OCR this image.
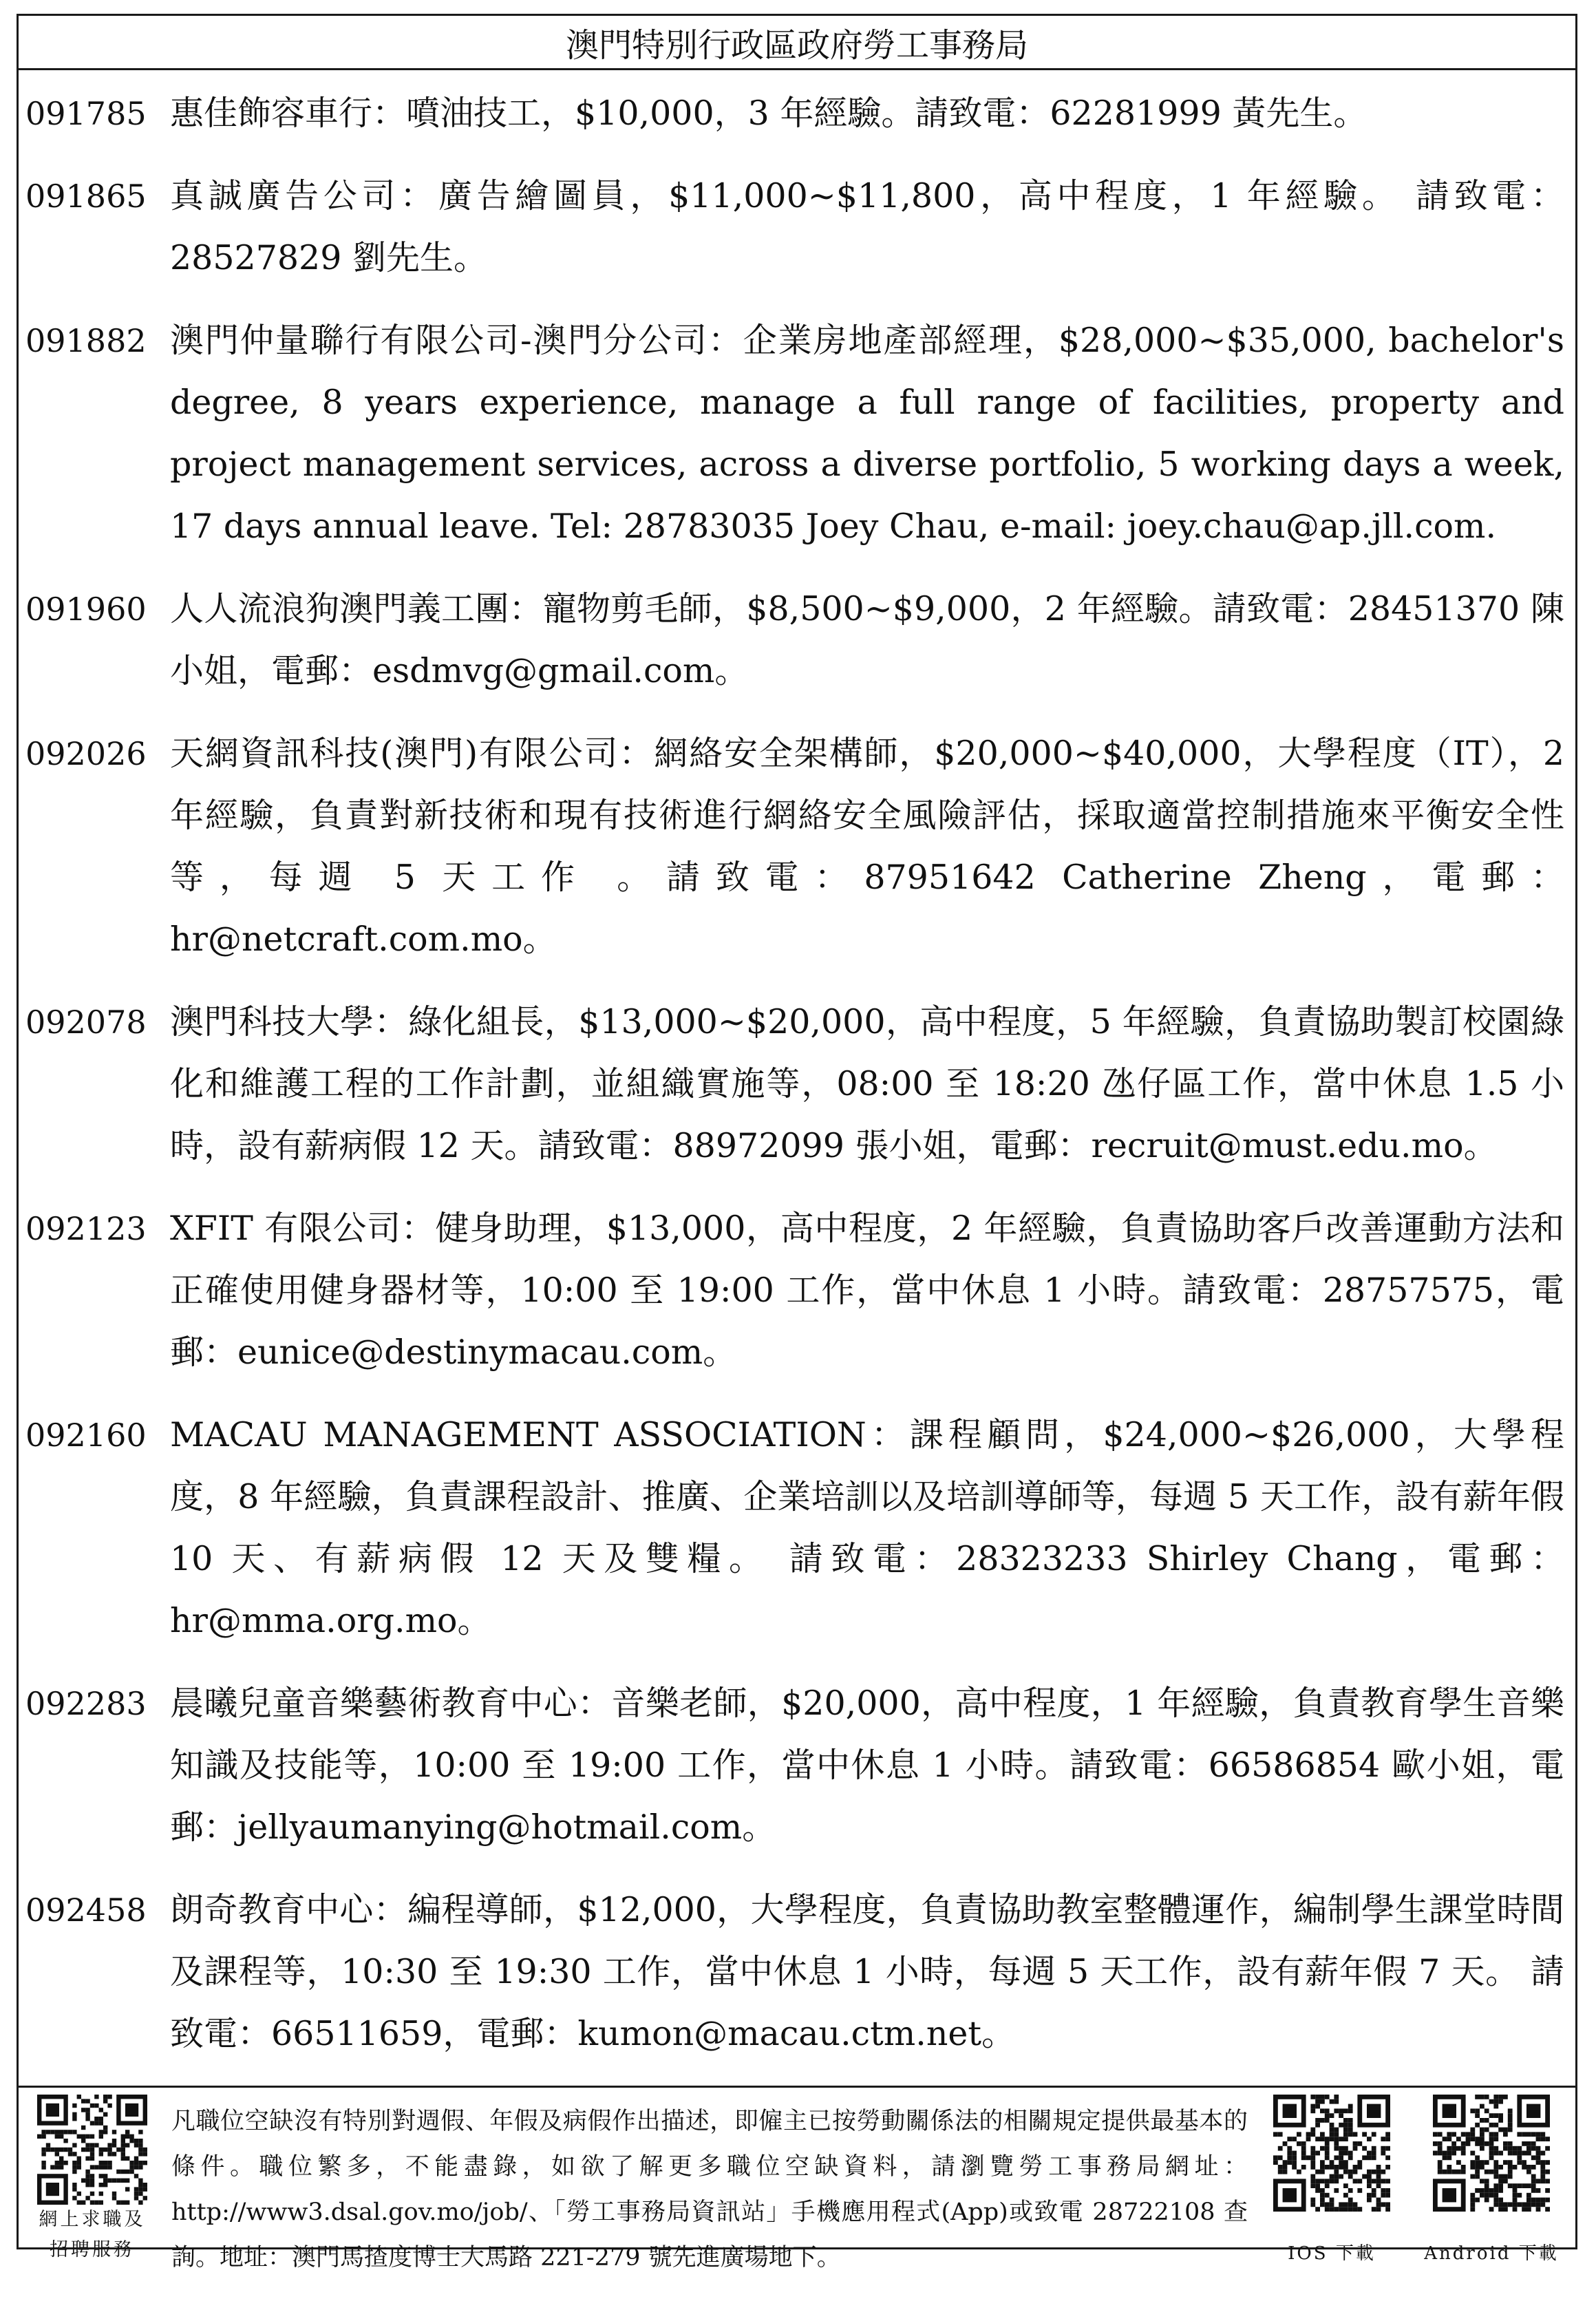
澳門特別行政區政府勞工事務局
091785 惠佳飾容車行：噴油技工，$10,000，3 年經驗。請致電：62281999 黃先生。
091865 真誠廣告公司：廣告繪圖員，$11,000~$11,800，高中程度，1 年經驗。 請致電：28527829 劉先生。
091882 澳門仲量聯行有限公司-澳門分公司：企業房地產部經理，$28,000~$35,000, bachelor's degree, 8 years experience, manage a full range of facilities, property and project management services, across a diverse portfolio, 5 working days a week, 17 days annual leave. Tel: 28783035 Joey Chau, e-mail: joey.chau@ap.jll.com.
091960 人人流浪狗澳門義工團：寵物剪毛師，$8,500~$9,000，2 年經驗。請致電：28451370 陳小姐，電郵：esdmvg@gmail.com。
092026 天網資訊科技(澳門)有限公司：網絡安全架構師，$20,000~$40,000，大學程度（IT），2 年經驗，負責對新技術和現有技術進行網絡安全風險評估，採取適當控制措施來平衡安全性等，每週 5 天工作 。請致電：87951642 Catherine Zheng，電郵：hr@netcraft.com.mo。
092078 澳門科技大學：綠化組長，$13,000~$20,000，高中程度，5 年經驗，負責協助製訂校園綠化和維護工程的工作計劃，並組織實施等，08:00 至 18:20 氹仔區工作，當中休息 1.5 小時，設有薪病假 12 天。請致電：88972099 張小姐，電郵：recruit@must.edu.mo。
092123 XFIT 有限公司：健身助理，$13,000，高中程度，2 年經驗，負責協助客戶改善運動方法和正確使用健身器材等，10:00 至 19:00 工作，當中休息 1 小時。請致電：28757575，電郵：eunice@destinymacau.com。
092160 MACAU MANAGEMENT ASSOCIATION：課程顧問，$24,000~$26,000，大學程度，8 年經驗，負責課程設計、推廣、企業培訓以及培訓導師等，每週 5 天工作，設有薪年假 10 天、有薪病假 12 天及雙糧。 請致電：28323233 Shirley Chang，電郵：hr@mma.org.mo。
092283 晨曦兒童音樂藝術教育中心：音樂老師，$20,000，高中程度，1 年經驗，負責教育學生音樂知識及技能等，10:00 至 19:00 工作，當中休息 1 小時。請致電：66586854 歐小姐，電郵：jellyaumanying@hotmail.com。
092458 朗奇教育中心：編程導師，$12,000，大學程度，負責協助教室整體運作，編制學生課堂時間及課程等，10:30 至 19:30 工作，當中休息 1 小時，每週 5 天工作，設有薪年假 7 天。 請致電：66511659，電郵：kumon@macau.ctm.net。
網上求職及
招聘服務
凡職位空缺沒有特別對週假、年假及病假作出描述，即僱主已按勞動關係法的相關規定提供最基本的條件。職位繁多，不能盡錄，如欲了解更多職位空缺資料，請瀏覽勞工事務局網址：http://www3.dsal.gov.mo/job/、「勞工事務局資訊站」手機應用程式(App)或致電 28722108 查詢。地址：澳門馬揸度博士大馬路 221-279 號先進廣場地下。	IOS 下載	Android 下載
